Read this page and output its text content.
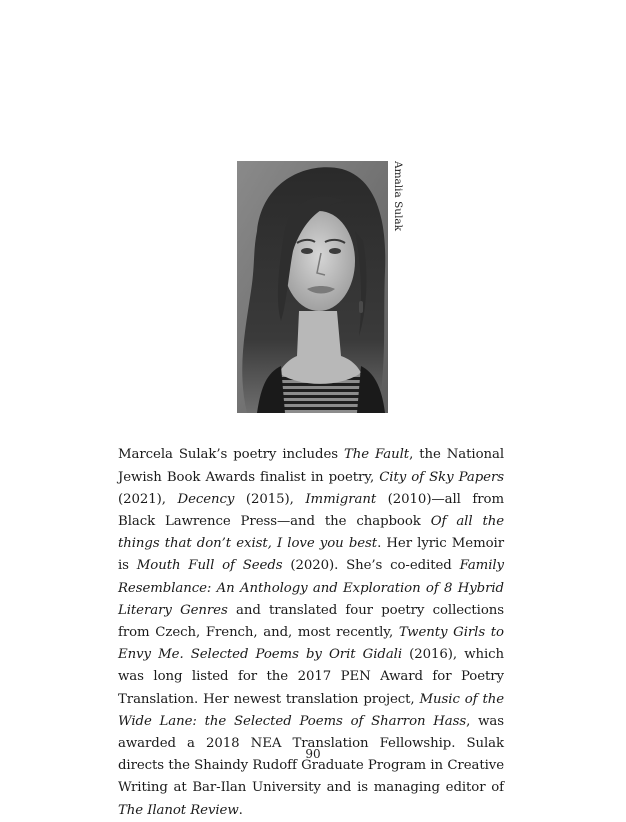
Amalia Sulak

Marcela Sulak’s poetry includes The Fault, the National Jewish Book Awards finalist in poetry, City of Sky Papers (2021), Decency (2015), Immigrant (2010)—all from Black Lawrence Press—and the chapbook Of all the things that don’t exist, I love you best. Her lyric Memoir is Mouth Full of Seeds (2020). She’s co-edited Family Resemblance: An Anthology and Exploration of 8 Hybrid Literary Genres and translated four poetry collections from Czech, French, and, most recently, Twenty Girls to Envy Me. Selected Poems by Orit Gidali (2016), which was long listed for the 2017 PEN Award for Poetry Translation. Her newest translation project, Music of the Wide Lane: the Selected Poems of Sharron Hass, was awarded a 2018 NEA Translation Fellowship. Sulak directs the Shaindy Rudoff Graduate Program in Creative Writing at Bar-Ilan University and is managing editor of The Ilanot Review.

90
